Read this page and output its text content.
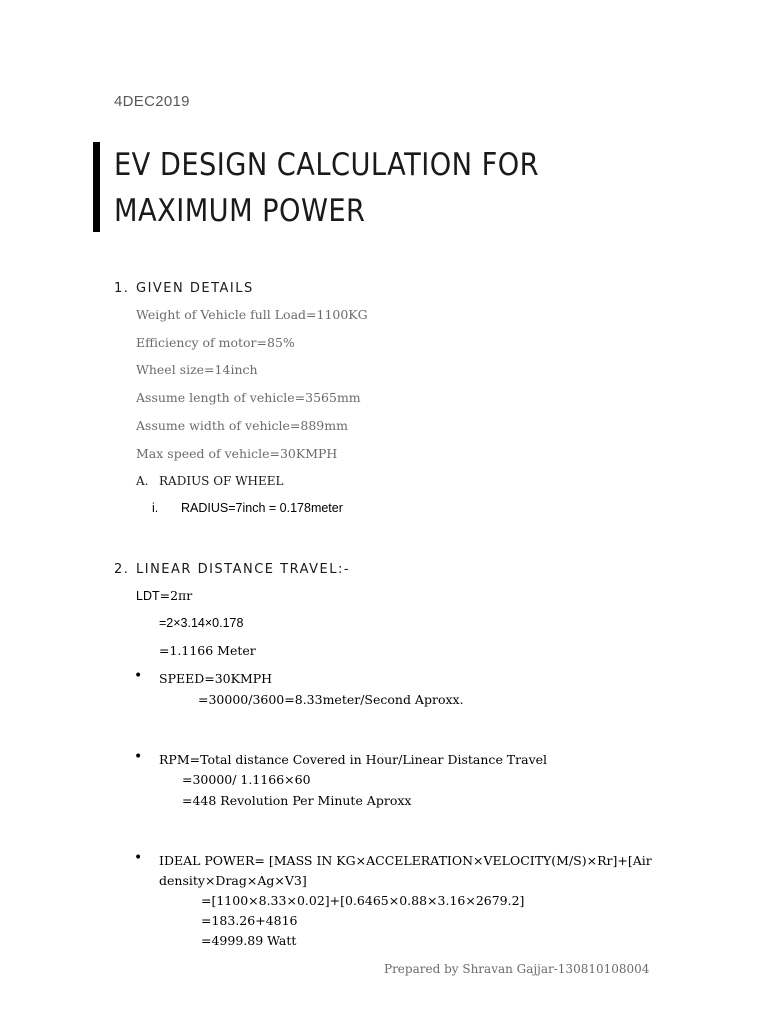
4DEC2019
EV DESIGN CALCULATION FOR
MAXIMUM POWER
1. GIVEN DETAILS
Weight of Vehicle full Load=1100KG
Efficiency of motor=85%
Wheel size=14inch
Assume length of vehicle=3565mm
Assume width of vehicle=889mm
Max speed of vehicle=30KMPH
A. RADIUS OF WHEEL
i. RADIUS=7inch = 0.178meter
2. LINEAR DISTANCE TRAVEL:-
LDT=2πr
=2×3.14×0.178
=1.1166 Meter
• SPEED=30KMPH
=30000/3600=8.33meter/Second Aproxx.
• RPM=Total distance Covered in Hour/Linear Distance Travel
=30000/ 1.1166×60
=448 Revolution Per Minute Aproxx
• IDEAL POWER= [MASS IN KG×ACCELERATION×VELOCITY(M/S)×Rr]+[Air
density×Drag×Ag×V3]
=[1100×8.33×0.02]+[0.6465×0.88×3.16×2679.2]
=183.26+4816
=4999.89 Watt
Prepared by Shravan Gajjar-130810108004
